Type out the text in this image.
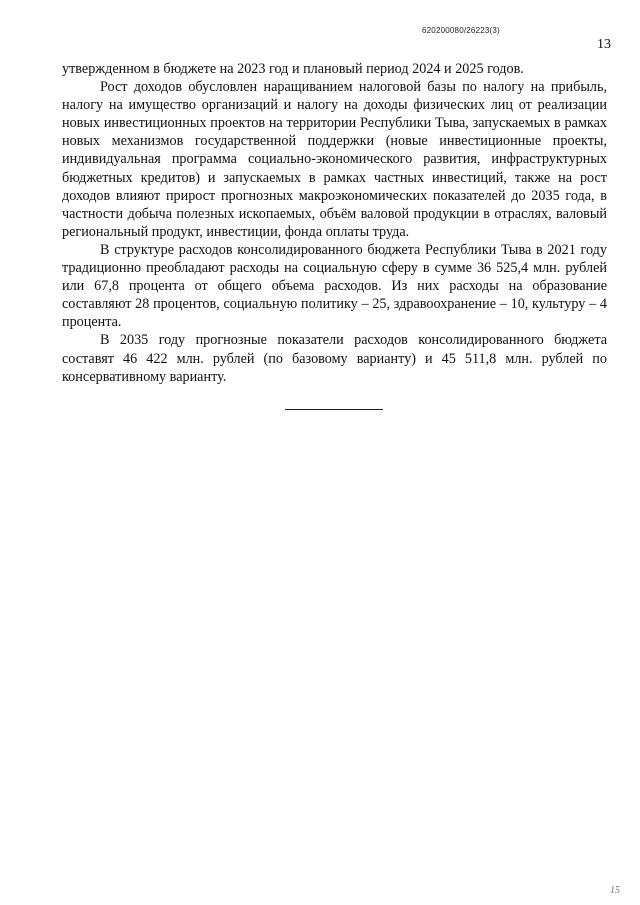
620200080/26223(3)
13

утвержденном в бюджете на 2023 год и плановый период 2024 и 2025 годов.

Рост доходов обусловлен наращиванием налоговой базы по налогу на прибыль, налогу на имущество организаций и налогу на доходы физических лиц от реализации новых инвестиционных проектов на территории Республики Тыва, запускаемых в рамках новых механизмов государственной поддержки (новые инвестиционные проекты, индивидуальная программа социально-экономического развития, инфраструктурных бюджетных кредитов) и запускаемых в рамках частных инвестиций, также на рост доходов влияют прирост прогнозных макроэкономических показателей до 2035 года, в частности добыча полезных ископаемых, объём валовой продукции в отраслях, валовый региональный продукт, инвестиции, фонда оплаты труда.

В структуре расходов консолидированного бюджета Республики Тыва в 2021 году традиционно преобладают расходы на социальную сферу в сумме 36 525,4 млн. рублей или 67,8 процента от общего объема расходов. Из них расходы на образование составляют 28 процентов, социальную политику – 25, здравоохранение – 10, культуру – 4 процента.

В 2035 году прогнозные показатели расходов консолидированного бюджета составят 46 422 млн. рублей (по базовому варианту) и 45 511,8 млн. рублей по консервативному варианту.

15
